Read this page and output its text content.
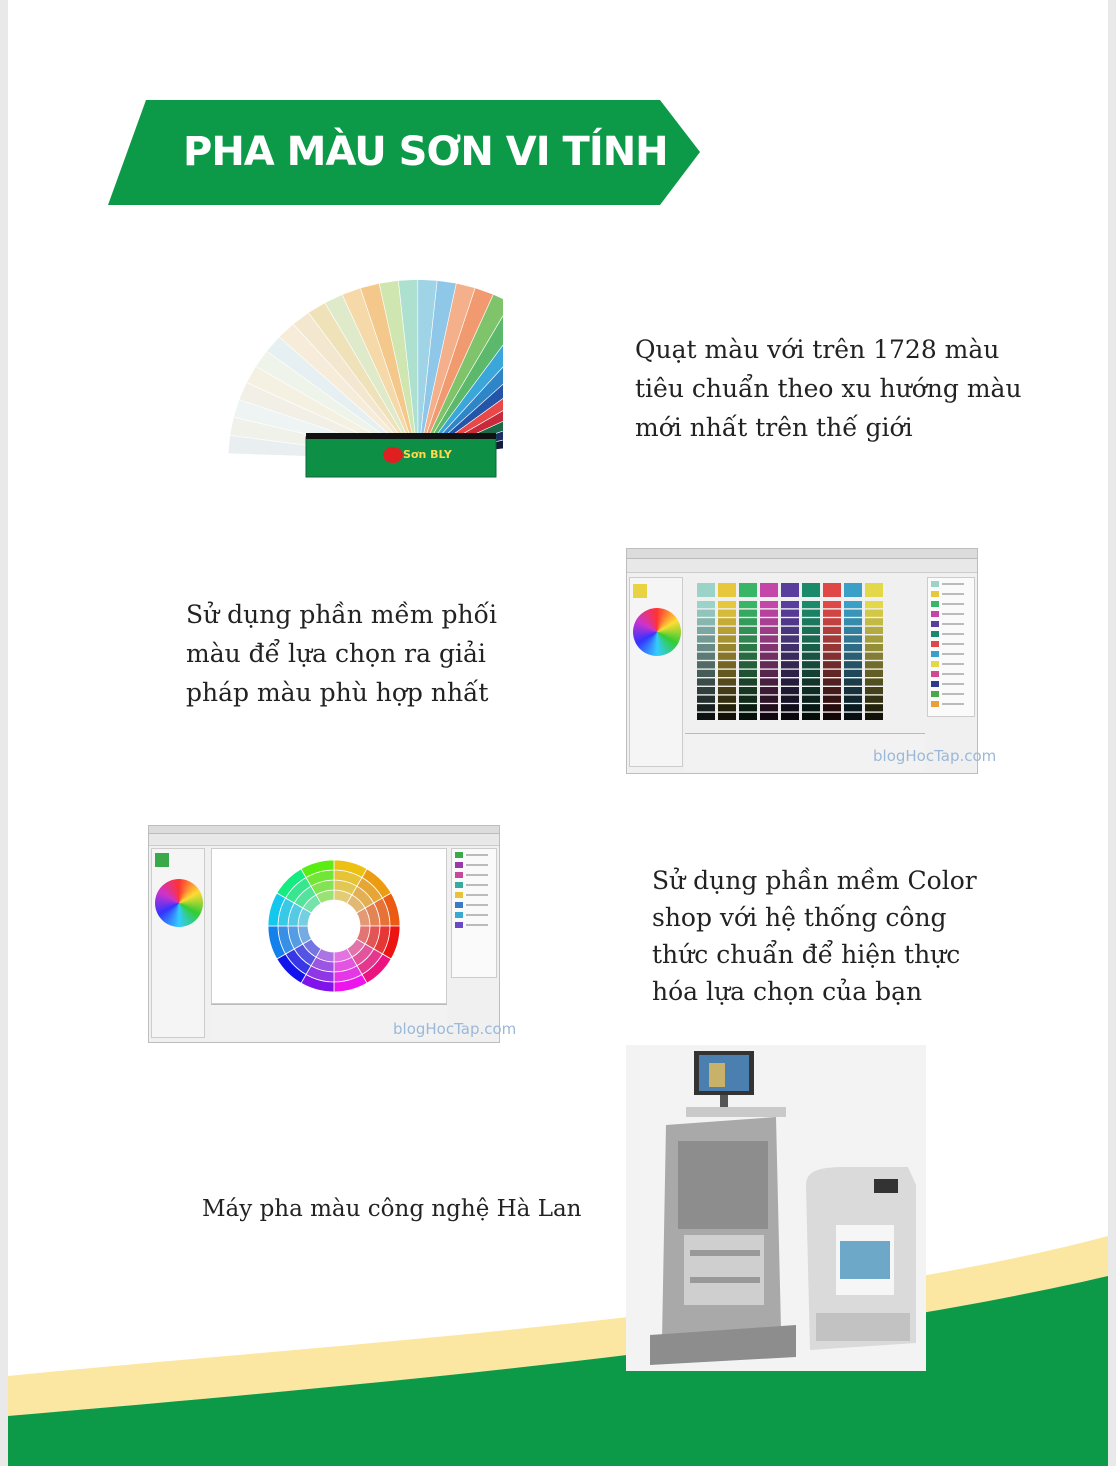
PHA MÀU SƠN VI TÍNH
Sơn BLY
Quạt màu với trên 1728 màu
tiêu chuẩn theo xu hướng màu
mới nhất trên thế giới
Sử dụng phần mềm phối
màu để lựa chọn ra giải
pháp màu phù hợp nhất
blogHocTap.com
blogHocTap.com
Sử dụng phần mềm Color
shop với hệ thống công
thức chuẩn để hiện thực
hóa lựa chọn của bạn
Máy pha màu công nghệ Hà Lan
